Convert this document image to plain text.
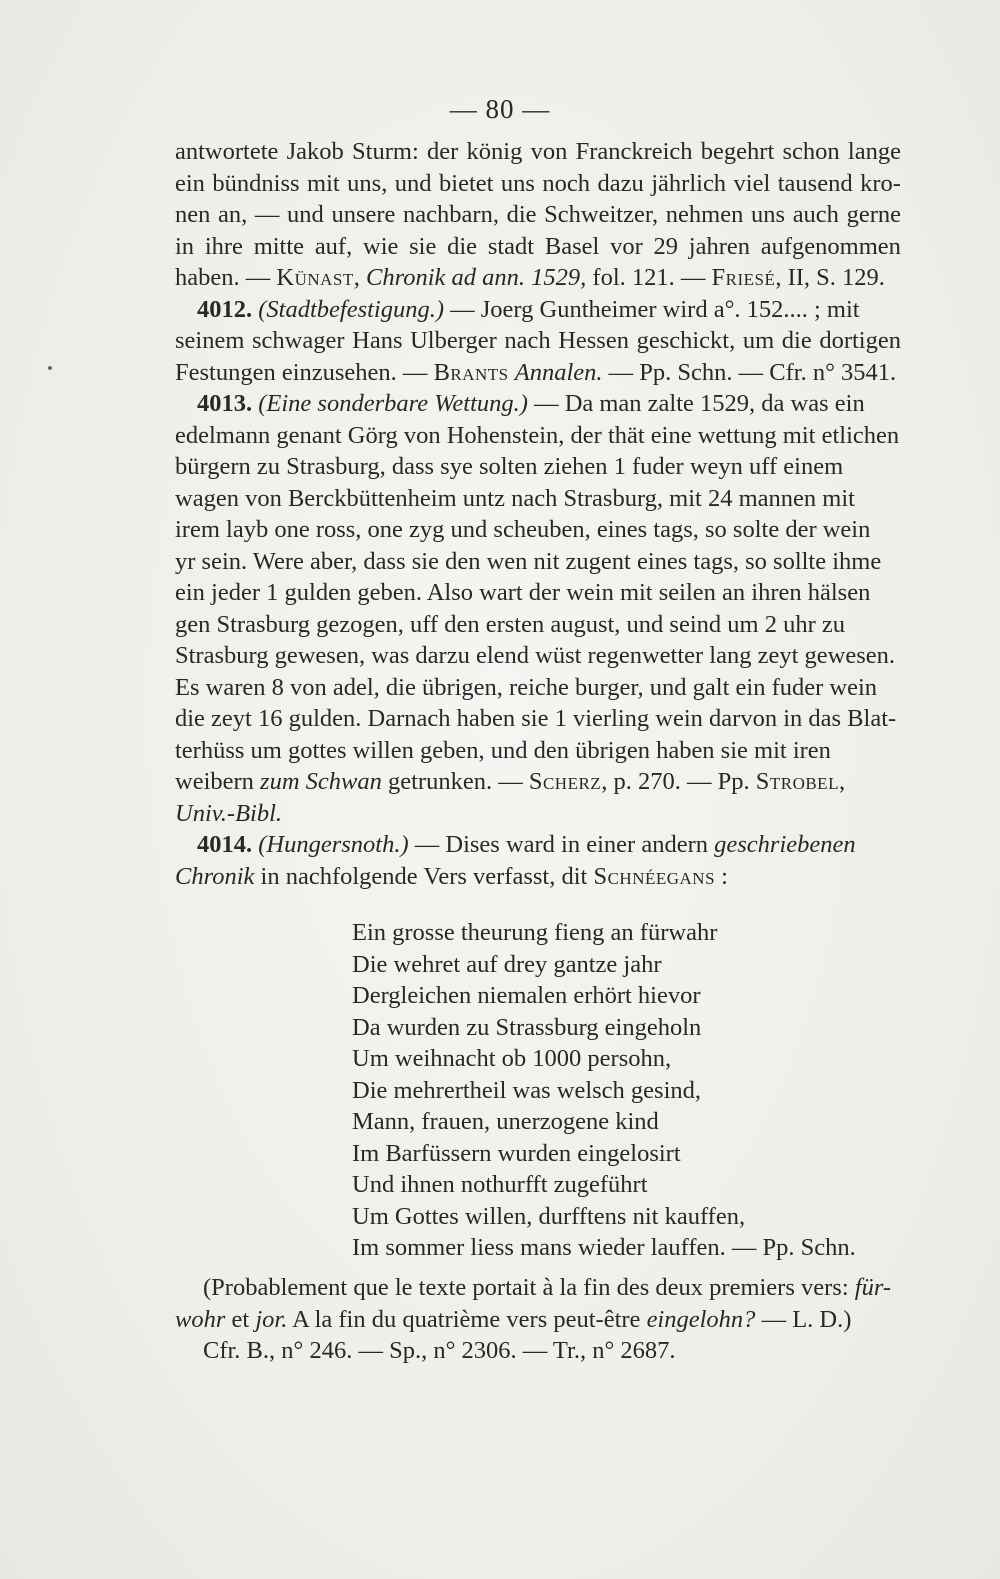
— 80 —
antwortete Jakob Sturm: der könig von Franckreich begehrt schon lange
ein bündniss mit uns, und bietet uns noch dazu jährlich viel tausend kro-
nen an, — und unsere nachbarn, die Schweitzer, nehmen uns auch gerne
in ihre mitte auf, wie sie die stadt Basel vor 29 jahren aufgenommen
haben. — Künast, Chronik ad ann. 1529, fol. 121. — Friesé, II, S. 129.
4012. (Stadtbefestigung.) — Joerg Guntheimer wird a°. 152.... ; mit
seinem schwager Hans Ulberger nach Hessen geschickt, um die dortigen
Festungen einzusehen. — Brants Annalen. — Pp. Schn. — Cfr. n° 3541.
4013. (Eine sonderbare Wettung.) — Da man zalte 1529, da was ein
edelmann genant Görg von Hohenstein, der thät eine wettung mit etlichen
bürgern zu Strasburg, dass sye solten ziehen 1 fuder weyn uff einem
wagen von Berckbüttenheim untz nach Strasburg, mit 24 mannen mit
irem layb one ross, one zyg und scheuben, eines tags, so solte der wein
yr sein. Were aber, dass sie den wen nit zugent eines tags, so sollte ihme
ein jeder 1 gulden geben. Also wart der wein mit seilen an ihren hälsen
gen Strasburg gezogen, uff den ersten august, und seind um 2 uhr zu
Strasburg gewesen, was darzu elend wüst regenwetter lang zeyt gewesen.
Es waren 8 von adel, die übrigen, reiche burger, und galt ein fuder wein
die zeyt 16 gulden. Darnach haben sie 1 vierling wein darvon in das Blat-
terhüss um gottes willen geben, und den übrigen haben sie mit iren
weibern zum Schwan getrunken. — Scherz, p. 270. — Pp. Strobel,
Univ.-Bibl.
4014. (Hungersnoth.) — Dises ward in einer andern geschriebenen
Chronik in nachfolgende Vers verfasst, dit Schnéegans :
Ein grosse theurung fieng an fürwahr
Die wehret auf drey gantze jahr
Dergleichen niemalen erhört hievor
Da wurden zu Strassburg eingeholn
Um weihnacht ob 1000 persohn,
Die mehrertheil was welsch gesind,
Mann, frauen, unerzogene kind
Im Barfüssern wurden eingelosirt
Und ihnen nothurfft zugeführt
Um Gottes willen, durfftens nit kauffen,
Im sommer liess mans wieder lauffen. — Pp. Schn.
(Probablement que le texte portait à la fin des deux premiers vers: für-
wohr et jor. A la fin du quatrième vers peut-être eingelohn? — L. D.)
Cfr. B., n° 246. — Sp., n° 2306. — Tr., n° 2687.
